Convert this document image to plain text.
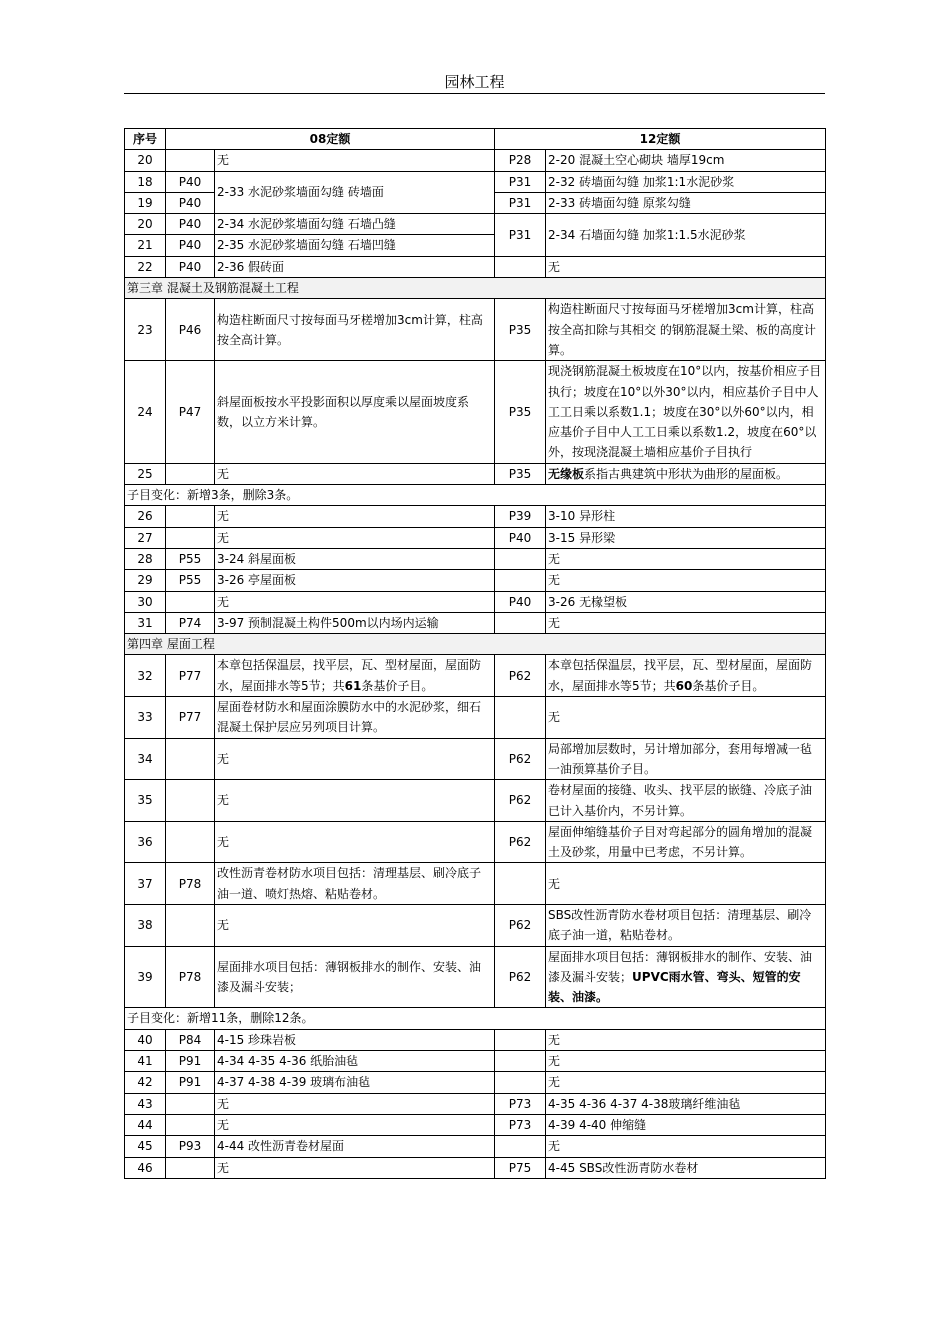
园林工程
序号	08定额		12定额	
20		无	P28	2-20 混凝土空心砌块 墙厚19cm
18	P40	2-33 水泥砂浆墙面勾缝 砖墙面	P31	2-32 砖墙面勾缝 加浆1:1水泥砂浆
19	P40		P31	2-33 砖墙面勾缝 原浆勾缝
20	P40	2-34 水泥砂浆墙面勾缝 石墙凸缝	P31	2-34 石墙面勾缝 加浆1:1.5水泥砂浆
21	P40	2-35 水泥砂浆墙面勾缝 石墙凹缝		
22	P40	2-36 假砖面		无
第三章 混凝土及钢筋混凝土工程				
23	P46	构造柱断面尺寸按每面马牙槎增加3cm计算，柱高按全高计算。	P35	构造柱断面尺寸按每面马牙槎增加3cm计算，柱高按全高扣除与其相交 的钢筋混凝土梁、板的高度计算。
24	P47	斜屋面板按水平投影面积以厚度乘以屋面坡度系数，以立方米计算。	P35	现浇钢筋混凝土板坡度在10°以内，按基价相应子目执行；坡度在10°以外30°以内，相应基价子目中人工工日乘以系数1.1；坡度在30°以外60°以内，相应基价子目中人工工日乘以系数1.2，坡度在60°以外，按现浇混凝土墙相应基价子目执行
25		无	P35	无缘板系指古典建筑中形状为曲形的屋面板。
子目变化：新增3条，删除3条。				
26		无	P39	3-10 异形柱
27		无	P40	3-15 异形梁
28	P55	3-24 斜屋面板		无
29	P55	3-26 亭屋面板		无
30		无	P40	3-26 无椽望板
31	P74	3-97 预制混凝土构件500m以内场内运输		无
第四章 屋面工程				
32	P77	本章包括保温层，找平层，瓦、型材屋面，屋面防水，屋面排水等5节；共61条基价子目。	P62	本章包括保温层，找平层，瓦、型材屋面，屋面防水，屋面排水等5节；共60条基价子目。
33	P77	屋面卷材防水和屋面涂膜防水中的水泥砂浆，细石混凝土保护层应另列项目计算。		无
34		无	P62	局部增加层数时，另计增加部分，套用每增减一毡一油预算基价子目。
35		无	P62	卷材屋面的接缝、收头、找平层的嵌缝、冷底子油已计入基价内，不另计算。
36		无	P62	屋面伸缩缝基价子目对弯起部分的圆角增加的混凝土及砂浆，用量中已考虑，不另计算。
37	P78	改性沥青卷材防水项目包括：清理基层、刷冷底子油一道、喷灯热熔、粘贴卷材。		无
38		无	P62	SBS改性沥青防水卷材项目包括：清理基层、刷冷底子油一道，粘贴卷材。
39	P78	屋面排水项目包括：薄钢板排水的制作、安装、油漆及漏斗安装；	P62	屋面排水项目包括：薄钢板排水的制作、安装、油漆及漏斗安装；UPVC雨水管、弯头、短管的安装、油漆。
子目变化：新增11条，删除12条。				
40	P84	4-15 珍珠岩板		无
41	P91	4-34 4-35 4-36 纸胎油毡		无
42	P91	4-37 4-38 4-39 玻璃布油毡		无
43		无	P73	4-35 4-36 4-37 4-38玻璃纤维油毡
44		无	P73	4-39 4-40 伸缩缝
45	P93	4-44 改性沥青卷材屋面		无
46		无	P75	4-45 SBS改性沥青防水卷材
